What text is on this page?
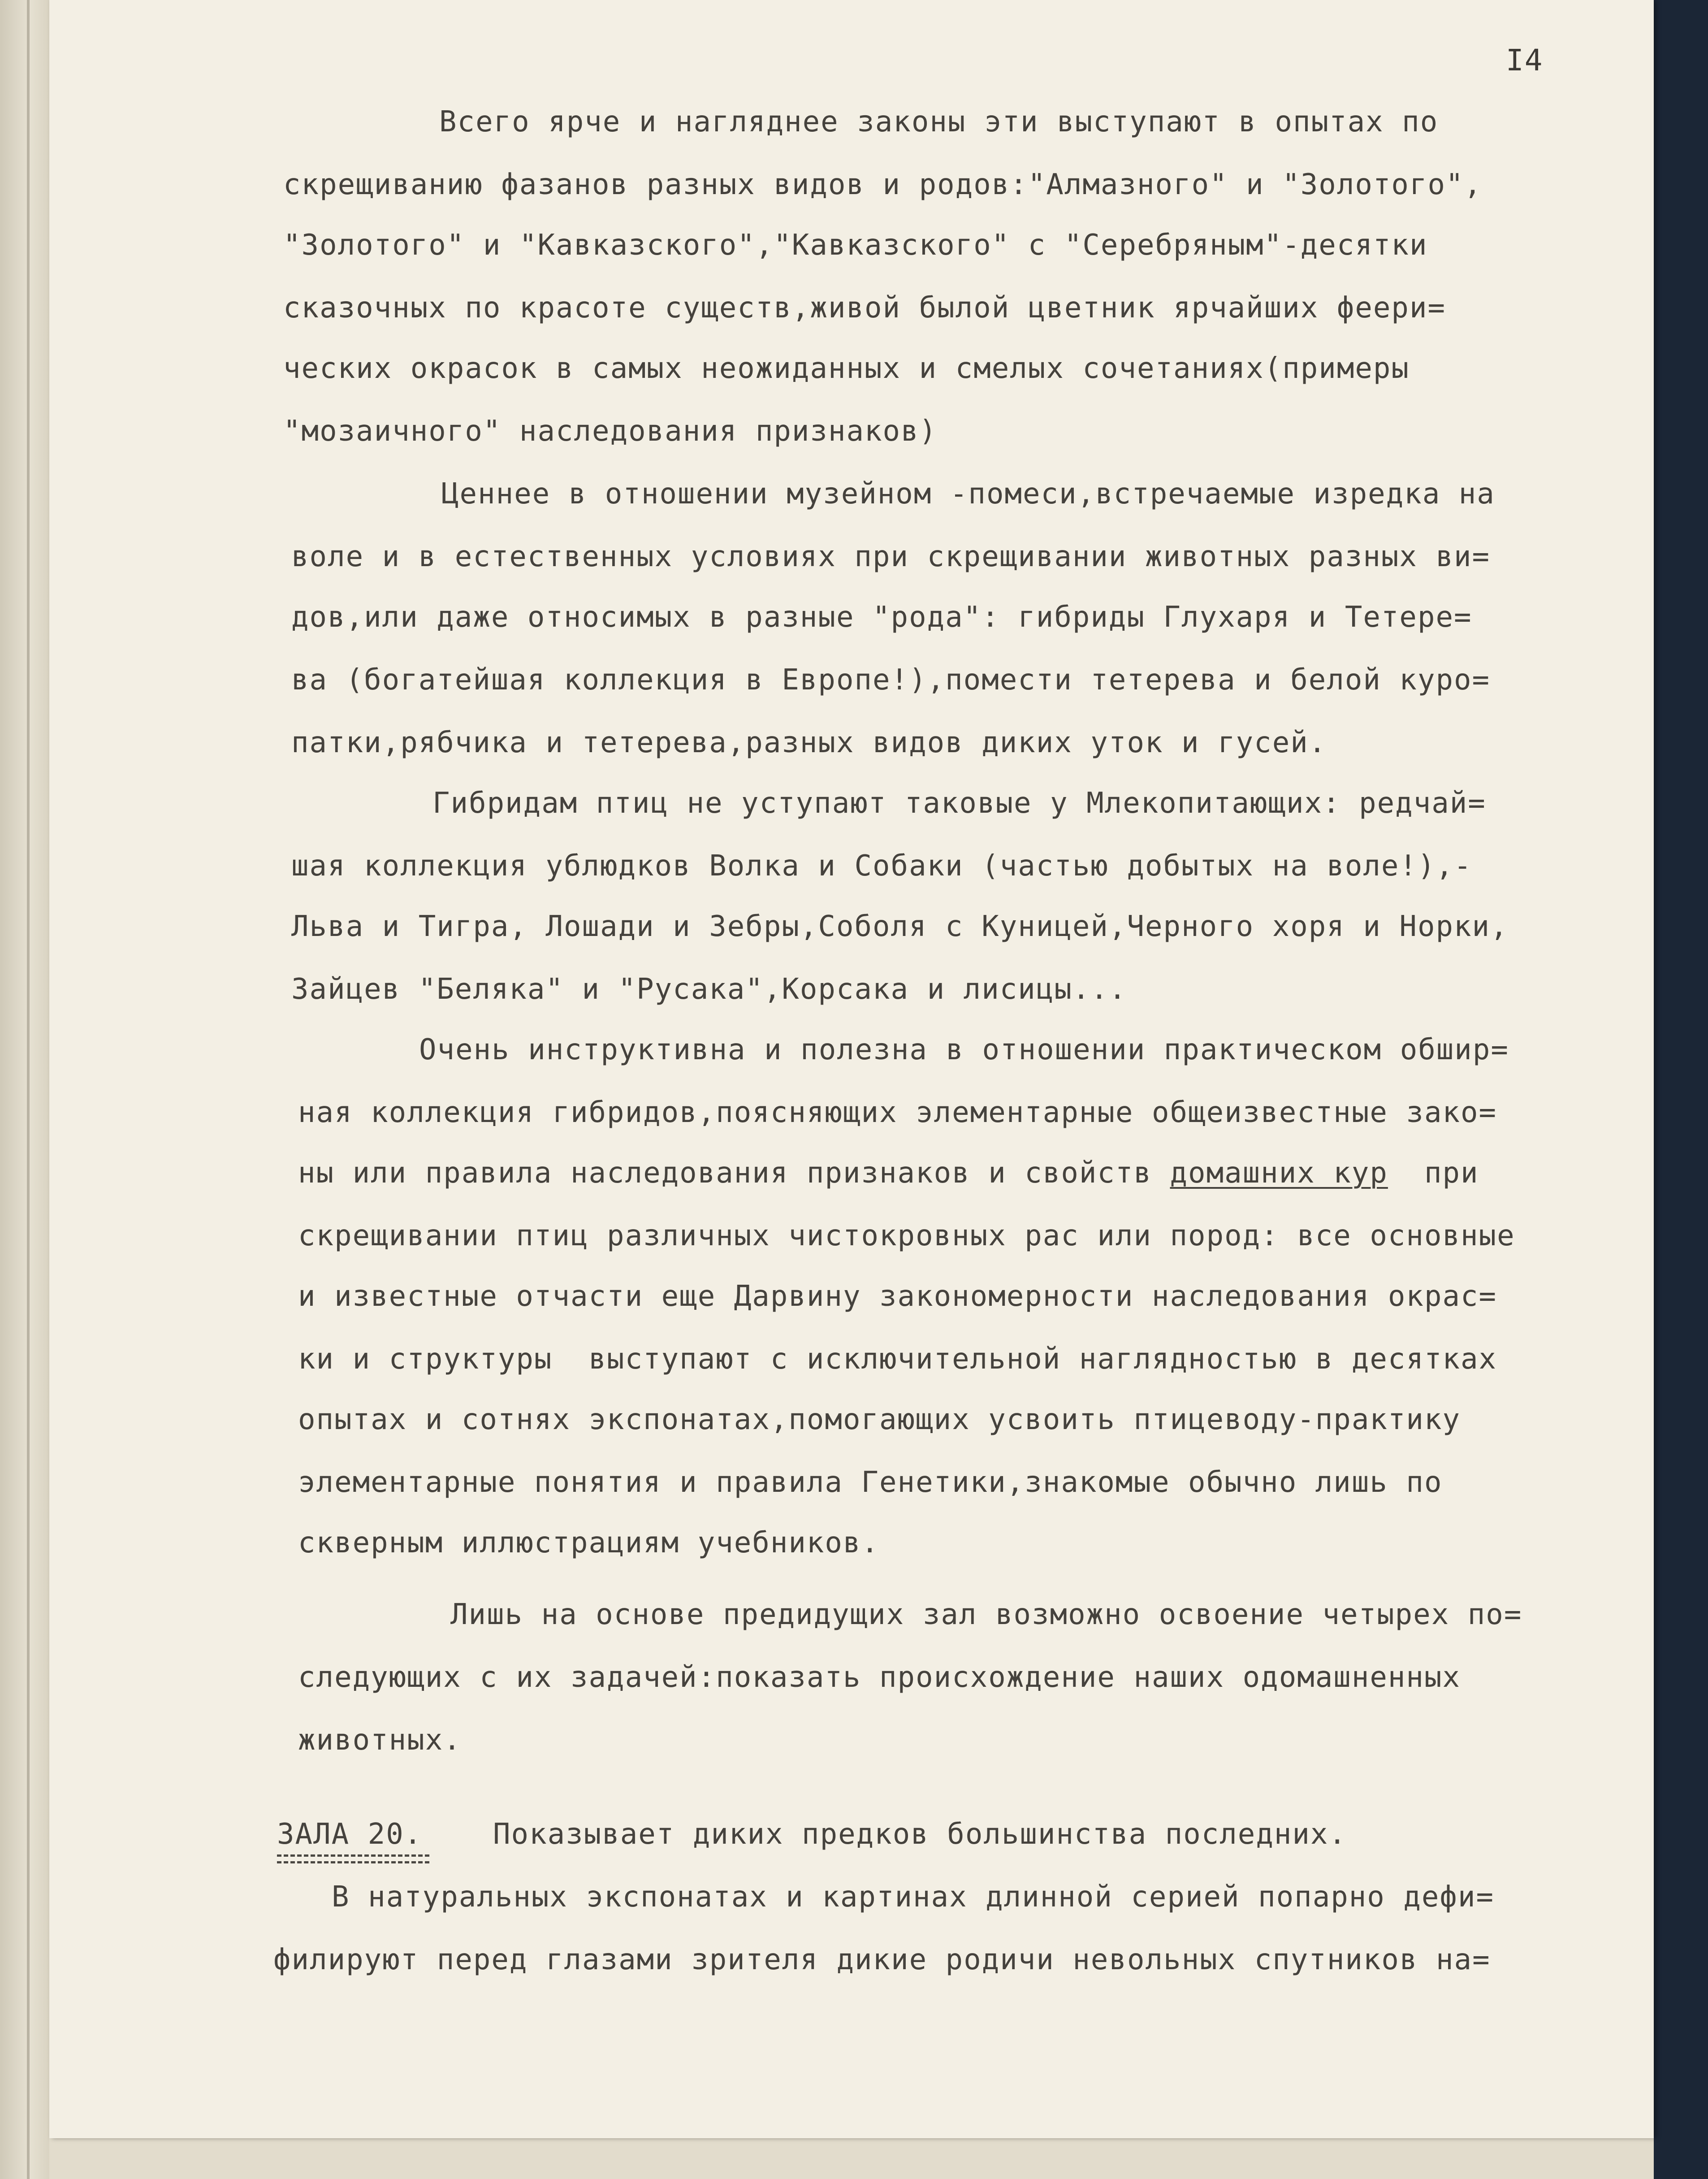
I4
Всего ярче и нагляднее законы эти выступают в опытах по
скрещиванию фазанов разных видов и родов:"Алмазного" и "Золотого",
"Золотого" и "Кавказского","Кавказского" с "Серебряным"-десятки
сказочных по красоте существ,живой былой цветник ярчайших феери=
ческих окрасок в самых неожиданных и смелых сочетаниях(примеры
"мозаичного" наследования признаков)
Ценнее в отношении музейном -помеси,встречаемые изредка на
воле и в естественных условиях при скрещивании животных разных ви=
дов,или даже относимых в разные "рода": гибриды Глухаря и Тетере=
ва (богатейшая коллекция в Европе!),помести тетерева и белой куро=
патки,рябчика и тетерева,разных видов диких уток и гусей.
Гибридам птиц не уступают таковые у Млекопитающих: редчай=
шая коллекция ублюдков Волка и Собаки (частью добытых на воле!),-
Льва и Тигра, Лошади и Зебры,Соболя с Куницей,Черного хоря и Норки,
Зайцев "Беляка" и "Русака",Корсака и лисицы...
Очень инструктивна и полезна в отношении практическом обшир=
ная коллекция гибридов,поясняющих элементарные общеизвестные зако=
ны или правила наследования признаков и свойств домашних кур при
скрещивании птиц различных чистокровных рас или пород: все основные
и известные отчасти еще Дарвину закономерности наследования окрас=
ки и структуры  выступают с исключительной наглядностью в десятках
опытах и сотнях экспонатах,помогающих усвоить птицеводу-практику
элементарные понятия и правила Генетики,знакомые обычно лишь по
скверным иллюстрациям учебников.
Лишь на основе предидущих зал возможно освоение четырех по=
следующих с их задачей:показать происхождение наших одомашненных
животных.
ЗАЛА 20. Показывает диких предков большинства последних.
В натуральных экспонатах и картинах длинной серией попарно дефи=
филируют перед глазами зрителя дикие родичи невольных спутников на=
